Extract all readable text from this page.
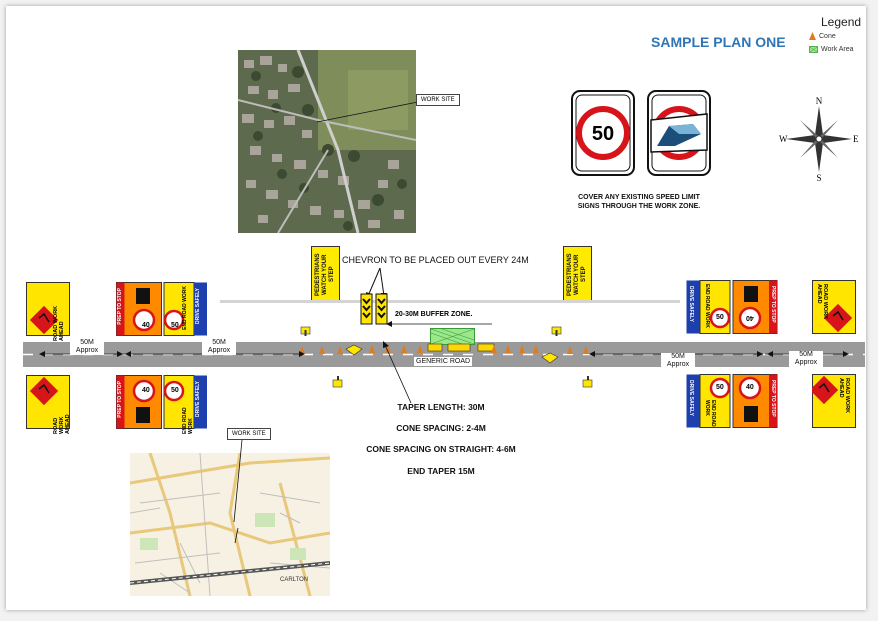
SAMPLE PLAN ONE
Legend
Cone
Work Area
N
S
W	E
WORK SITE
50
COVER ANY EXISTING SPEED LIMIT
SIGNS THROUGH THE WORK ZONE.
CHEVRON TO BE PLACED OUT EVERY 24M
PEDESTRIANS WATCH YOUR STEP	PEDESTRIANS WATCH YOUR STEP
20-30M BUFFER ZONE.
GENERIC ROAD
50M
Approx
50M
Approx
50M
Approx
50M
Approx
ROAD WORK AHEAD	40	50
PREP TO STOP	END ROAD WORK DRIVE SAFELY
ROAD WORK AHEAD
40	50
PREP TO STOP
END ROAD WORK
DRIVE SAFELY
50	40
DRIVE SAFELY END ROAD WORK	PREP TO STOP	ROAD WORK AHEAD
50	40
DRIVE SAFELY	END ROAD WORK	PREP TO STOP	ROAD WORK AHEAD
TAPER LENGTH: 30M
CONE SPACING: 2-4M
CONE SPACING ON STRAIGHT: 4-6M
END TAPER 15M
CARLTON
WORK SITE
